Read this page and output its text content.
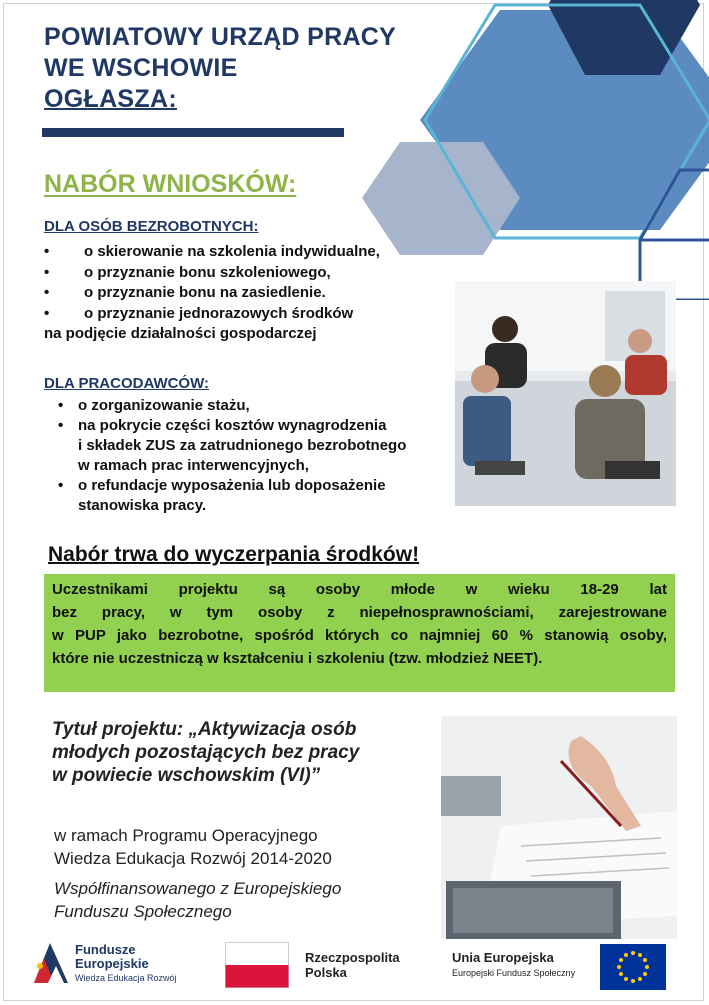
POWIATOWY URZĄD PRACY
WE WSCHOWIE
OGŁASZA:
NABÓR WNIOSKÓW:
DLA OSÓB BEZROBOTNYCH:
• o skierowanie na szkolenia indywidualne,
• o przyznanie bonu szkoleniowego,
• o przyznanie bonu na zasiedlenie.
• o przyznanie jednorazowych środków
na podjęcie działalności gospodarczej
DLA PRACODAWCÓW:
• o zorganizowanie stażu,
• na pokrycie części kosztów wynagrodzenia
i składek ZUS za zatrudnionego bezrobotnego
w ramach prac interwencyjnych,
• o refundacje wyposażenia lub doposażenie
stanowiska pracy.
Nabór trwa do wyczerpania środków!
Uczestnikami projektu są osoby młode w wieku 18-29 lat
bez pracy, w tym osoby z niepełnosprawnościami, zarejestrowane
w PUP jako bezrobotne, spośród których co najmniej 60 % stanowią osoby,
które nie uczestniczą w kształceniu i szkoleniu (tzw. młodzież NEET).
Tytuł projektu: „Aktywizacja osób
młodych pozostających bez pracy
w powiecie wschowskim (VI)”
w ramach Programu Operacyjnego
Wiedza Edukacja Rozwój 2014-2020
Współfinansowanego z Europejskiego
Funduszu Społecznego
Fundusze
Europejskie
Wiedza Edukacja Rozwój
Rzeczpospolita
Polska
Unia Europejska
Europejski Fundusz Społeczny
